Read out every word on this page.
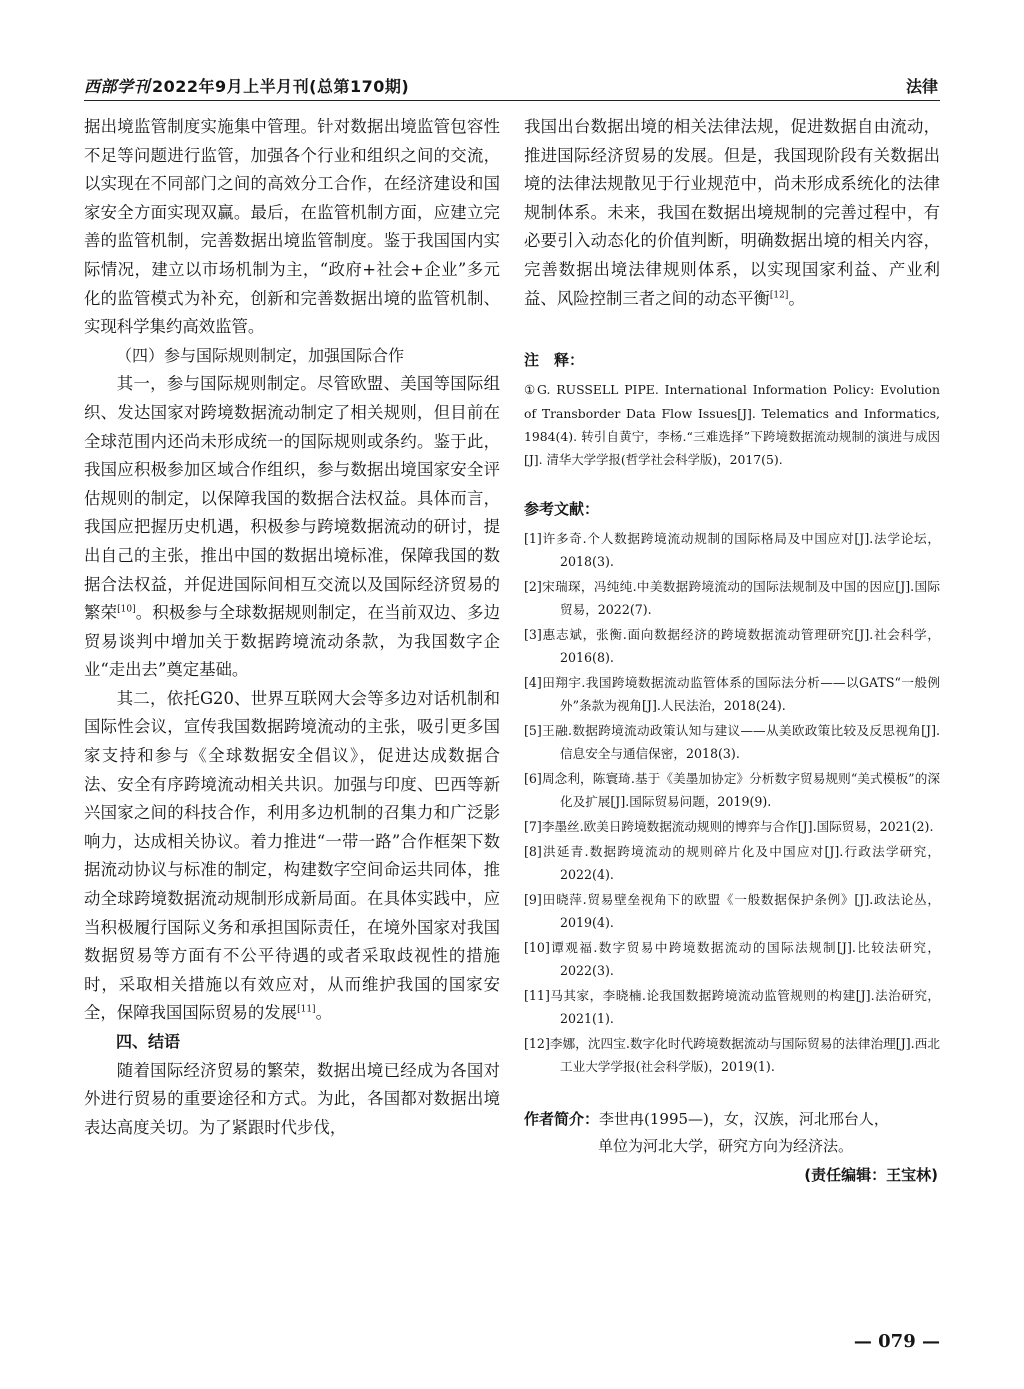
西部学刊 2022年9月上半月刊(总第170期)	法律

据出境监管制度实施集中管理。针对数据出境监管包容性不足等问题进行监管，加强各个行业和组织之间的交流，以实现在不同部门之间的高效分工合作，在经济建设和国家安全方面实现双赢。最后，在监管机制方面，应建立完善的监管机制，完善数据出境监管制度。鉴于我国国内实际情况，建立以市场机制为主，“政府+社会+企业”多元化的监管模式为补充，创新和完善数据出境的监管机制、实现科学集约高效监管。

（四）参与国际规则制定，加强国际合作

其一，参与国际规则制定。尽管欧盟、美国等国际组织、发达国家对跨境数据流动制定了相关规则，但目前在全球范围内还尚未形成统一的国际规则或条约。鉴于此，我国应积极参加区域合作组织，参与数据出境国家安全评估规则的制定，以保障我国的数据合法权益。具体而言，我国应把握历史机遇，积极参与跨境数据流动的研讨，提出自己的主张，推出中国的数据出境标准，保障我国的数据合法权益，并促进国际间相互交流以及国际经济贸易的繁荣[10]。积极参与全球数据规则制定，在当前双边、多边贸易谈判中增加关于数据跨境流动条款，为我国数字企业“走出去”奠定基础。

其二，依托G20、世界互联网大会等多边对话机制和国际性会议，宣传我国数据跨境流动的主张，吸引更多国家支持和参与《全球数据安全倡议》，促进达成数据合法、安全有序跨境流动相关共识。加强与印度、巴西等新兴国家之间的科技合作，利用多边机制的召集力和广泛影响力，达成相关协议。着力推进“一带一路”合作框架下数据流动协议与标准的制定，构建数字空间命运共同体，推动全球跨境数据流动规制形成新局面。在具体实践中，应当积极履行国际义务和承担国际责任，在境外国家对我国数据贸易等方面有不公平待遇的或者采取歧视性的措施时，采取相关措施以有效应对，从而维护我国的国家安全，保障我国国际贸易的发展[11]。

四、结语

随着国际经济贸易的繁荣，数据出境已经成为各国对外进行贸易的重要途径和方式。为此，各国都对数据出境表达高度关切。为了紧跟时代步伐，

我国出台数据出境的相关法律法规，促进数据自由流动，推进国际经济贸易的发展。但是，我国现阶段有关数据出境的法律法规散见于行业规范中，尚未形成系统化的法律规制体系。未来，我国在数据出境规制的完善过程中，有必要引入动态化的价值判断，明确数据出境的相关内容，完善数据出境法律规则体系，以实现国家利益、产业利益、风险控制三者之间的动态平衡[12]。

注　释：

①G. RUSSELL PIPE. International Information Policy: Evolution of Transborder Data Flow Issues[J]. Telematics and Informatics, 1984(4). 转引自黄宁，李杨.“三难选择”下跨境数据流动规制的演进与成因[J]. 清华大学学报(哲学社会科学版)，2017(5).

参考文献：
[1]许多奇.个人数据跨境流动规制的国际格局及中国应对[J].法学论坛，2018(3).
[2]宋瑞琛，冯纯纯.中美数据跨境流动的国际法规制及中国的因应[J].国际贸易，2022(7).
[3]惠志斌，张衡.面向数据经济的跨境数据流动管理研究[J].社会科学，2016(8).
[4]田翔宇.我国跨境数据流动监管体系的国际法分析——以GATS“一般例外”条款为视角[J].人民法治，2018(24).
[5]王融.数据跨境流动政策认知与建议——从美欧政策比较及反思视角[J].信息安全与通信保密，2018(3).
[6]周念利，陈寰琦.基于《美墨加协定》分析数字贸易规则“美式模板”的深化及扩展[J].国际贸易问题，2019(9).
[7]李墨丝.欧美日跨境数据流动规则的博弈与合作[J].国际贸易，2021(2).
[8]洪延青.数据跨境流动的规则碎片化及中国应对[J].行政法学研究，2022(4).
[9]田晓萍.贸易壁垒视角下的欧盟《一般数据保护条例》[J].政法论丛，2019(4).
[10]谭观福.数字贸易中跨境数据流动的国际法规制[J].比较法研究，2022(3).
[11]马其家，李晓楠.论我国数据跨境流动监管规则的构建[J].法治研究，2021(1).
[12]李娜，沈四宝.数字化时代跨境数据流动与国际贸易的法律治理[J].西北工业大学学报(社会科学版)，2019(1).
作者简介：李世冉(1995—)，女，汉族，河北邢台人，
单位为河北大学，研究方向为经济法。
(责任编辑：王宝林)
— 079 —
